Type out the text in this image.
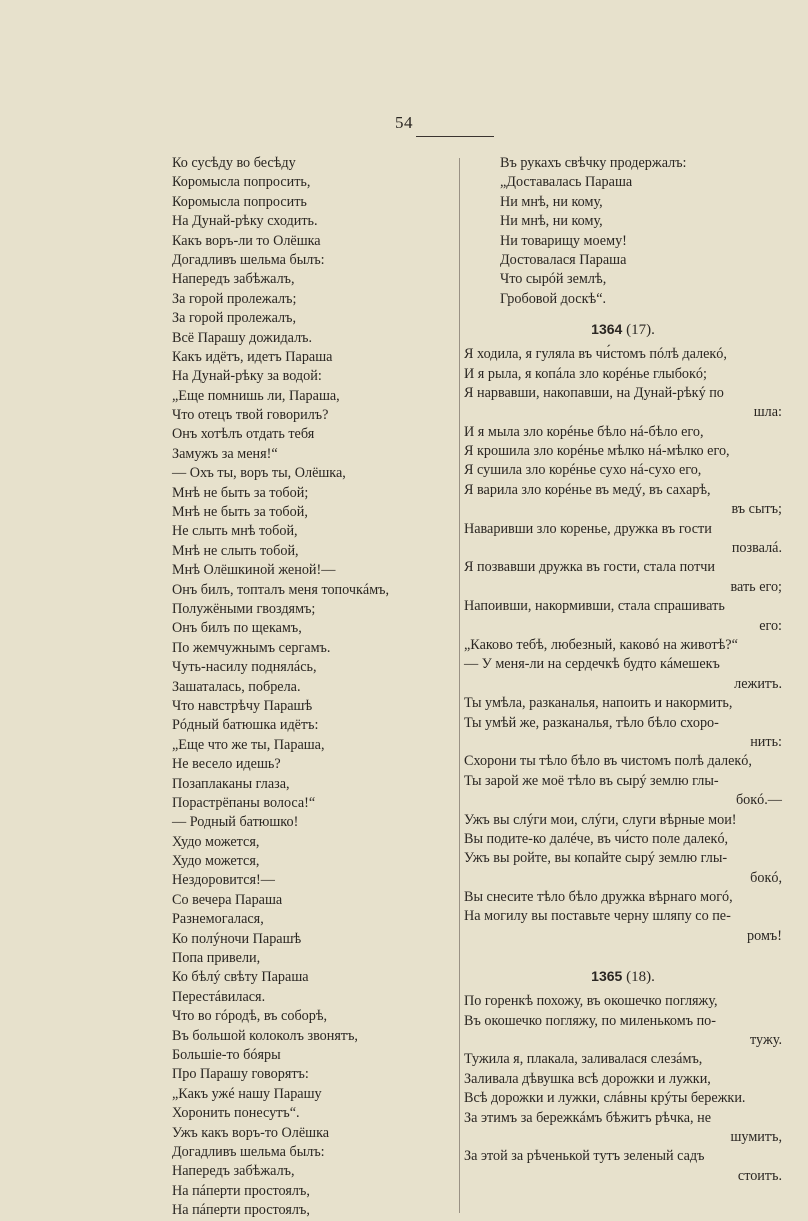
54
Ко сусѣду во бесѣду
Коромысла попросить,
Коромысла попросить
На Дунай-рѣку сходить.
Какъ воръ-ли то Олёшка
Догадливъ шельма былъ:
Напередъ забѣжалъ,
За горой пролежалъ;
За горой пролежалъ,
Всё Парашу дожидалъ.
Какъ идётъ, идетъ Параша
На Дунай-рѣку за водой:
„Еще помнишь ли, Параша,
Что отецъ твой говорилъ?
Онъ хотѣлъ отдать тебя
Замужъ за меня!“
— Охъ ты, воръ ты, Олёшка,
Мнѣ не быть за тобой;
Мнѣ не быть за тобой,
Не слыть мнѣ тобой,
Мнѣ не слыть тобой,
Мнѣ Олёшкиной женой!—
Онъ билъ, топталъ меня топочкáмъ,
Полужёными гвоздямъ;
Онъ билъ по щекамъ,
По жемчужнымъ сергамъ.
Чуть-насилу поднялáсь,
Зашаталась, побрела.
Что навстрѣчу Парашѣ
Рóдный батюшка идётъ:
„Еще что же ты, Параша,
Не весело идешь?
Позаплаканы глаза,
Порастрёпаны волоса!“
— Родный батюшко!
Худо можется,
Худо можется,
Нездоровится!—
Со вечера Параша
Разнемогалася,
Ко полýночи Парашѣ
Попа привели,
Ко бѣлý свѣту Параша
Перестáвилася.
Что во гóродѣ, въ соборѣ,
Въ большой колоколъ звонятъ,
Большіе-то бóяры
Про Парашу говорятъ:
„Какъ ужé нашу Парашу
Хоронить понесутъ“.
Ужъ какъ воръ-то Олёшка
Догадливъ шельма былъ:
Напередъ забѣжалъ,
На пáперти простоялъ,
На пáперти простоялъ,
Въ рукахъ свѣчку продержалъ:
„Доставалась Параша
Ни мнѣ, ни кому,
Ни мнѣ, ни кому,
Ни товарищу моему!
Достовалася Параша
Что сырóй землѣ,
Гробовой доскѣ“.
1364 (17).
Я ходила, я гуляла въ чи́стомъ пóлѣ далекó,
И я рыла, я копáла зло корéнье глыбокó;
Я нарвавши, накопавши, на Дунай-рѣкý по
шла:
И я мыла зло корéнье бѣло нá-бѣло его,
Я крошила зло корéнье мѣлко нá-мѣлко его,
Я сушила зло корéнье сухо нá-сухо его,
Я варила зло корéнье въ медý, въ сахарѣ,
въ сытъ;
Наваривши зло коренье, дружка въ гости
позвалá.
Я позвавши дружка въ гости, стала потчи
вать его;
Напоивши, накормивши, стала спрашивать
его:
„Каково тебѣ, любезный, каковó на животѣ?“
— У меня-ли на сердечкѣ будто кáмешекъ
лежитъ.
Ты умѣла, разканалья, напоить и накормить,
Ты умѣй же, разканалья, тѣло бѣло схоро-
нить:
Схорони ты тѣло бѣло въ чистомъ полѣ далекó,
Ты зарой же моё тѣло въ сырý землю глы-
бокó.—
Ужъ вы слýги мои, слýги, слуги вѣрные мои!
Вы подите-ко далéче, въ чи́сто поле далекó,
Ужъ вы ройте, вы копайте сырý землю глы-
бокó,
Вы снесите тѣло бѣло дружка вѣрнаго могó,
На могилу вы поставьте черну шляпу со пе-
ромъ!
1365 (18).
По горенкѣ похожу, въ окошечко погляжу,
Въ окошечко погляжу, по миленькомъ по-
тужу.
Тужила я, плакала, заливалася слезáмъ,
Заливала дѣвушка всѣ дорожки и лужки,
Всѣ дорожки и лужки, слáвны крýты бережки.
За этимъ за бережкáмъ бѣжитъ рѣчка, не
шумитъ,
За этой за рѣченькой тутъ зеленый садъ
стоитъ.
